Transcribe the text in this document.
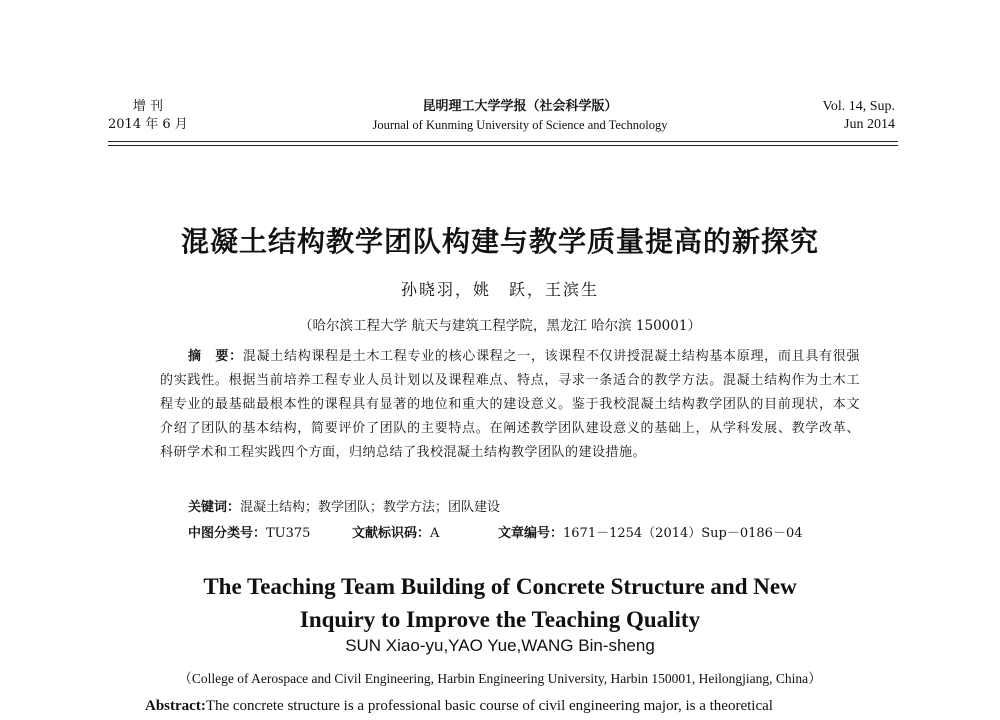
增 刊
2014 年 6 月
昆明理工大学学报（社会科学版）
Journal of Kunming University of Science and Technology
Vol. 14, Sup.
Jun 2014
混凝土结构教学团队构建与教学质量提高的新探究
孙晓羽，姚　跃，王滨生
（哈尔滨工程大学 航天与建筑工程学院，黑龙江 哈尔滨 150001）
摘　要：混凝土结构课程是土木工程专业的核心课程之一，该课程不仅讲授混凝土结构基本原理，而且具有很强的实践性。根据当前培养工程专业人员计划以及课程难点、特点，寻求一条适合的教学方法。混凝土结构作为土木工程专业的最基础最根本性的课程具有显著的地位和重大的建设意义。鉴于我校混凝土结构教学团队的目前现状，本文介绍了团队的基本结构，简要评价了团队的主要特点。在阐述教学团队建设意义的基础上，从学科发展、教学改革、科研学术和工程实践四个方面，归纳总结了我校混凝土结构教学团队的建设措施。
关键词：混凝土结构；教学团队；教学方法；团队建设
中图分类号：TU375	文献标识码：A	文章编号：1671－1254（2014）Sup－0186－04
The Teaching Team Building of Concrete Structure and New
Inquiry to Improve the Teaching Quality
SUN Xiao-yu,YAO Yue,WANG Bin-sheng
（College of Aerospace and Civil Engineering, Harbin Engineering University, Harbin 150001, Heilongjiang, China）
Abstract:The concrete structure is a professional basic course of civil engineering major, is a theoretical
